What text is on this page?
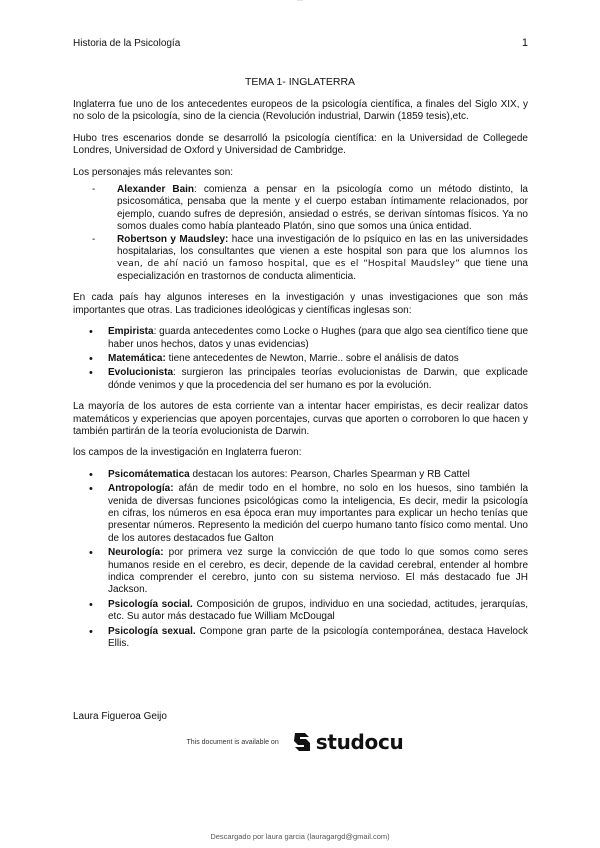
Historia de la Psicología	1
TEMA 1- INGLATERRA

Inglaterra fue uno de los antecedentes europeos de la psicología científica, a finales del Siglo XIX, y no solo de la psicología, sino de la ciencia (Revolución industrial, Darwin (1859 tesis),etc.

Hubo tres escenarios donde se desarrolló la psicología científica: en la Universidad de Collegede Londres, Universidad de Oxford y Universidad de Cambridge.

Los personajes más relevantes son:

- Alexander Bain: comienza a pensar en la psicología como un método distinto, la psicosomática, pensaba que la mente y el cuerpo estaban íntimamente relacionados, por ejemplo, cuando sufres de depresión, ansiedad o estrés, se derivan síntomas físicos. Ya no somos duales como había planteado Platón, sino que somos una única entidad.
- Robertson y Maudsley: hace una investigación de lo psíquico en las en las universidades hospitalarias, los consultantes que vienen a este hospital son para que los alumnos los vean, de ahí nació un famoso hospital, que es el “Hospital Maudsley” que tiene una especialización en trastornos de conducta alimenticia.

En cada país hay algunos intereses en la investigación y unas investigaciones que son más importantes que otras. Las tradiciones ideológicas y científicas inglesas son:

• Empirista: guarda antecedentes como Locke o Hughes (para que algo sea científico tiene que haber unos hechos, datos y unas evidencias)
• Matemática: tiene antecedentes de Newton, Marrie.. sobre el análisis de datos
• Evolucionista: surgieron las principales teorías evolucionistas de Darwin, que explicade dónde venimos y que la procedencia del ser humano es por la evolución.

La mayoría de los autores de esta corriente van a intentar hacer empiristas, es decir realizar datos matemáticos y experiencias que apoyen porcentajes, curvas que aporten o corroboren lo que hacen y también partirán de la teoría evolucionista de Darwin.

los campos de la investigación en Inglaterra fueron:

• Psicomátematica destacan los autores: Pearson, Charles Spearman y RB Cattel
• Antropología: afán de medir todo en el hombre, no solo en los huesos, sino también la venida de diversas funciones psicológicas como la inteligencia, Es decir, medir la psicología en cifras, los números en esa época eran muy importantes para explicar un hecho tenías que presentar números. Represento la medición del cuerpo humano tanto físico como mental. Uno de los autores destacados fue Galton
• Neurología: por primera vez surge la convicción de que todo lo que somos como seres humanos reside en el cerebro, es decir, depende de la cavidad cerebral, entender al hombre indica comprender el cerebro, junto con su sistema nervioso. El más destacado fue JH Jackson.
• Psicología social. Composición de grupos, individuo en una sociedad, actitudes, jerarquías, etc. Su autor más destacado fue William McDougal
• Psicología sexual. Compone gran parte de la psicología contemporánea, destaca Havelock Ellis.
Laura Figueroa Geijo
This document is available on studocu
Descargado por laura garcia (lauragargd@gmail.com)
